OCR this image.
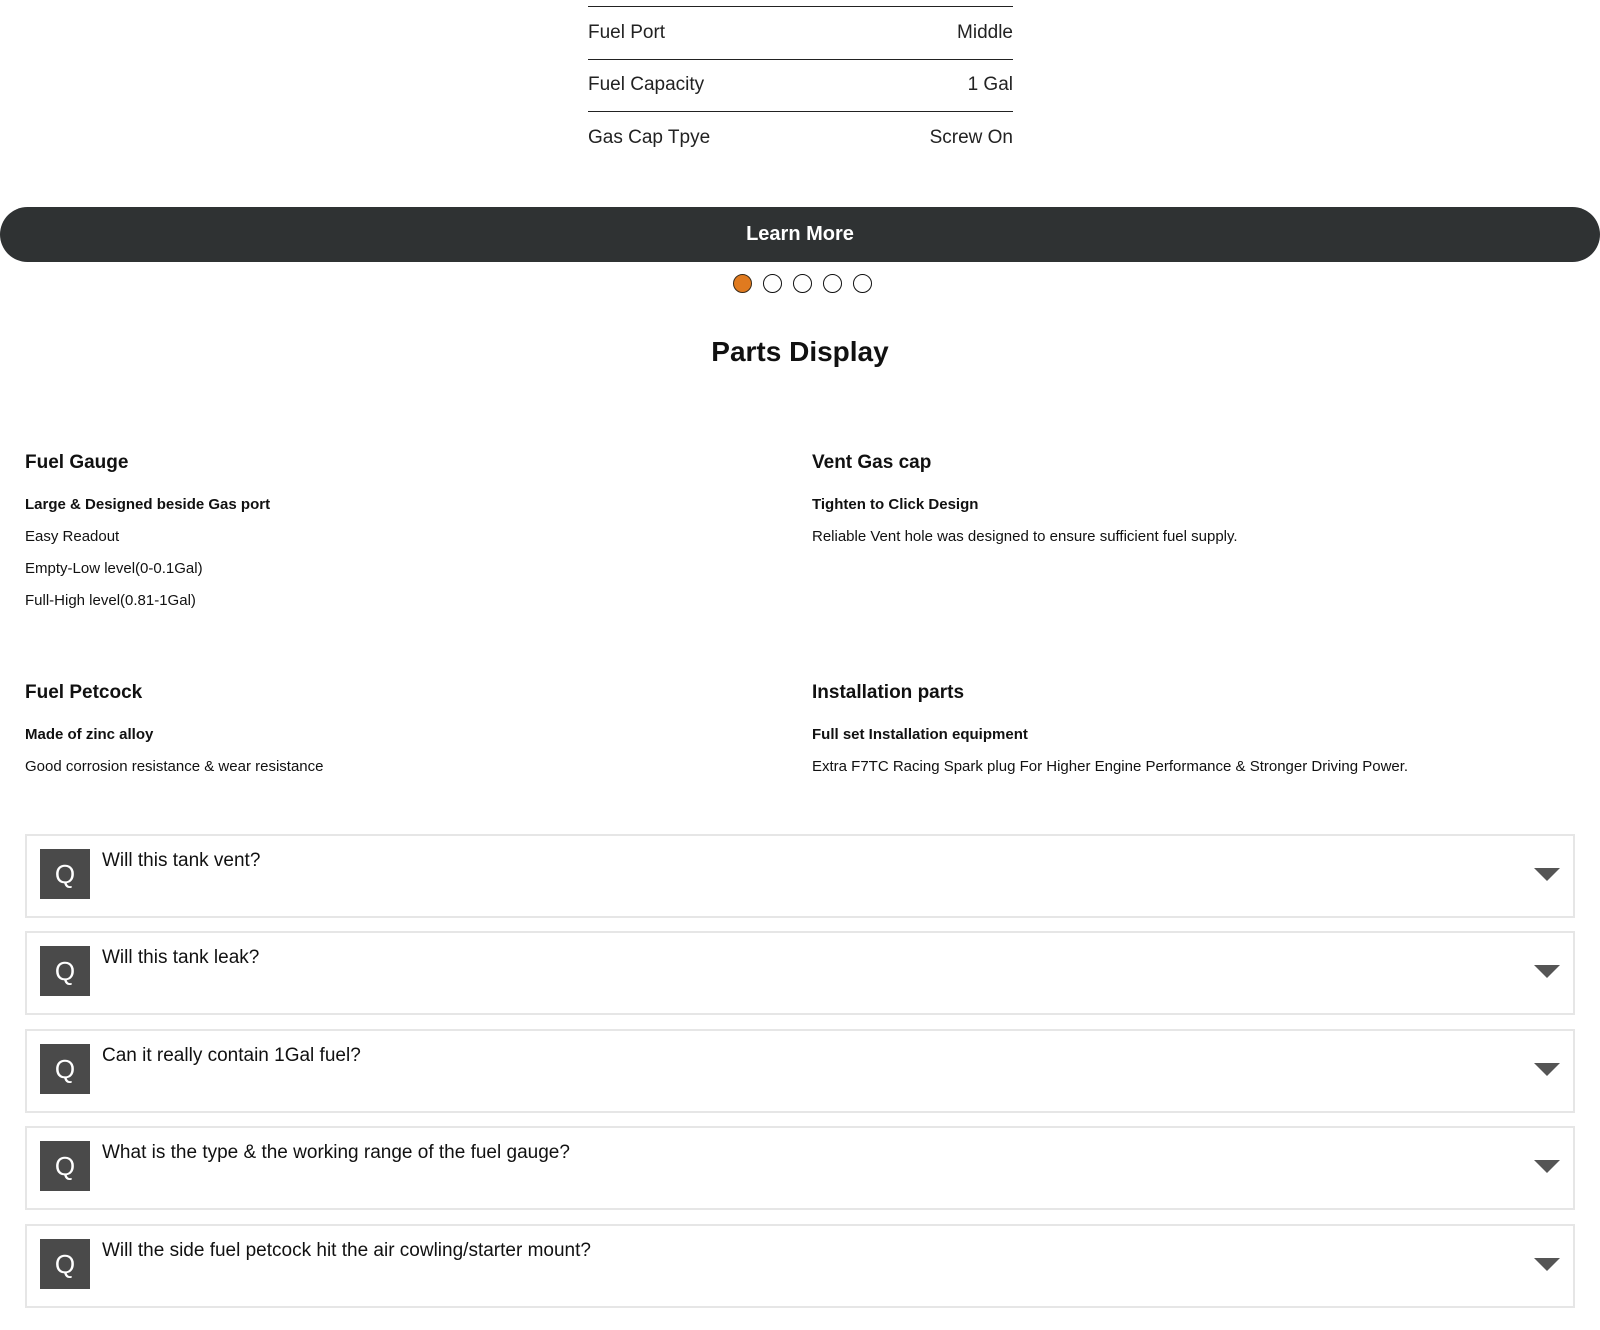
Fuel Port	Middle
Fuel Capacity	1 Gal
Gas Cap Tpye	Screw On
Learn More
Parts Display
Fuel Gauge
Large & Designed beside Gas port
Easy Readout
Empty-Low level(0-0.1Gal)
Full-High level(0.81-1Gal)
Vent Gas cap
Tighten to Click Design
Reliable Vent hole was designed to ensure sufficient fuel supply.
Fuel Petcock
Made of zinc alloy
Good corrosion resistance & wear resistance
Installation parts
Full set Installation equipment
Extra F7TC Racing Spark plug For Higher Engine Performance & Stronger Driving Power.
Q	Will this tank vent?
Q	Will this tank leak?
Q	Can it really contain 1Gal fuel?
Q	What is the type & the working range of the fuel gauge?
Q	Will the side fuel petcock hit the air cowling/starter mount?
